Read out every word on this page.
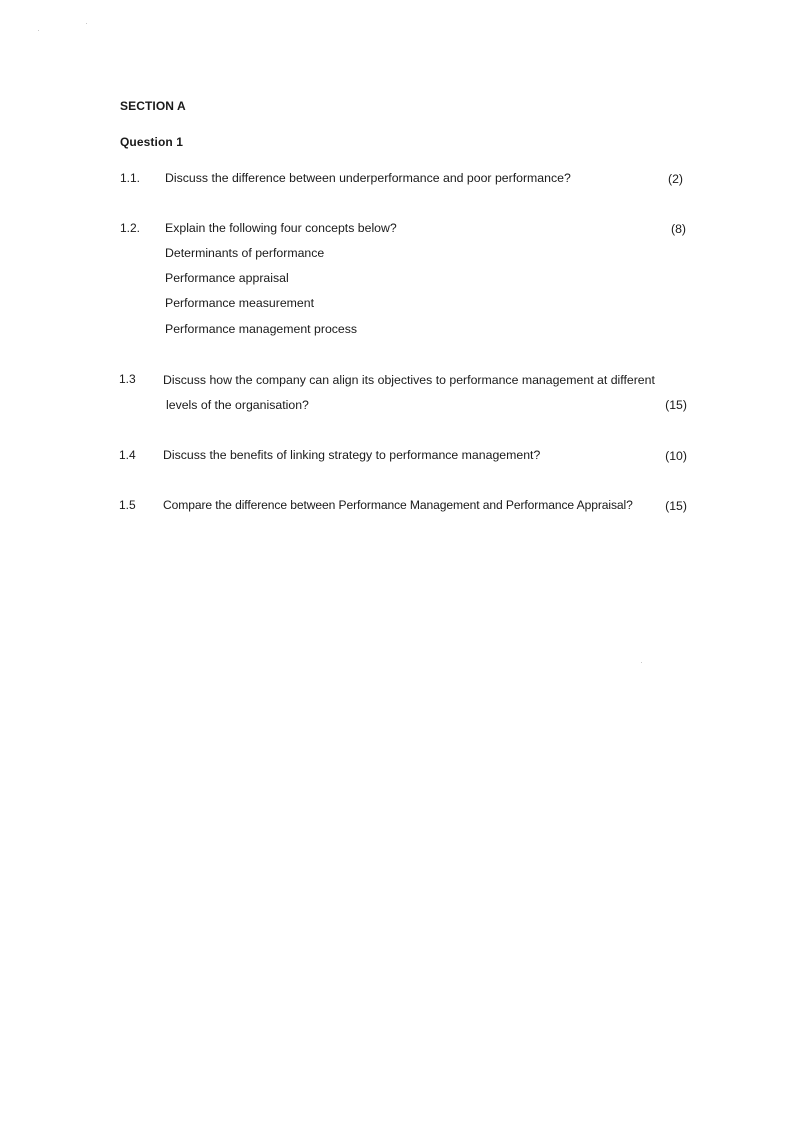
SECTION A
Question 1
1.1. Discuss the difference between underperformance and poor performance?	(2)
1.2. Explain the following four concepts below?	(8)
Determinants of performance
Performance appraisal
Performance measurement
Performance management process
1.3 Discuss how the company can align its objectives to performance management at different
levels of the organisation?	(15)
1.4 Discuss the benefits of linking strategy to performance management?	(10)
1.5 Compare the difference between Performance Management and Performance Appraisal?	(15)
